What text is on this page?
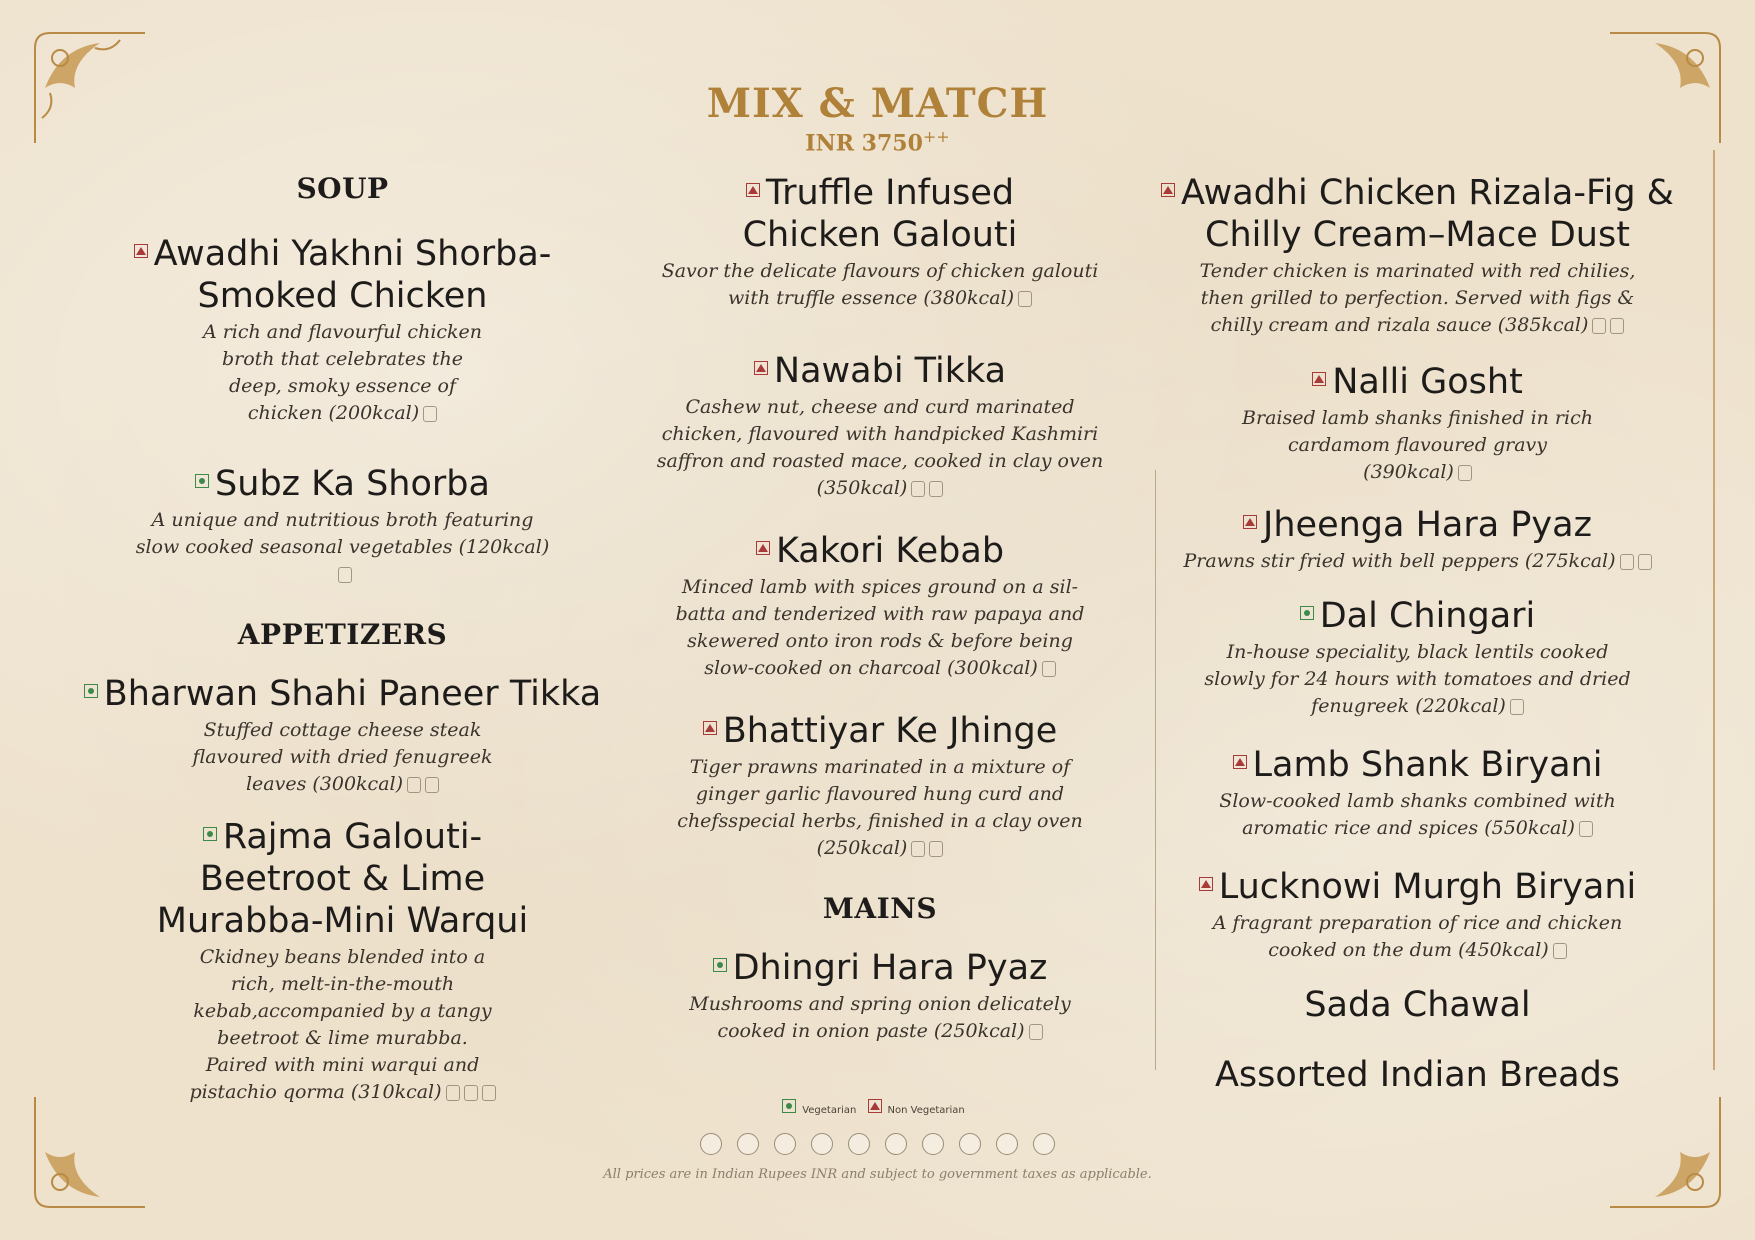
MIX & MATCH
INR 3750++
SOUP
Awadhi Yakhni Shorba-Smoked Chicken
A rich and flavourful chicken broth that celebrates the deep, smoky essence of chicken (200kcal)
Subz Ka Shorba
A unique and nutritious broth featuring slow cooked seasonal vegetables (120kcal)
APPETIZERS
Bharwan Shahi Paneer Tikka
Stuffed cottage cheese steak flavoured with dried fenugreek leaves (300kcal)
Rajma Galouti-Beetroot & Lime Murabba-Mini Warqui
Ckidney beans blended into a rich, melt-in-the-mouth kebab,accompanied by a tangy beetroot & lime murabba. Paired with mini warqui and pistachio qorma (310kcal)
Truffle Infused Chicken Galouti
Savor the delicate flavours of chicken galouti with truffle essence (380kcal)
Nawabi Tikka
Cashew nut, cheese and curd marinated chicken, flavoured with handpicked Kashmiri saffron and roasted mace, cooked in clay oven (350kcal)
Kakori Kebab
Minced lamb with spices ground on a sil-batta and tenderized with raw papaya and skewered onto iron rods & before being slow-cooked on charcoal (300kcal)
Bhattiyar Ke Jhinge
Tiger prawns marinated in a mixture of ginger garlic flavoured hung curd and chefsspecial herbs, finished in a clay oven (250kcal)
MAINS
Dhingri Hara Pyaz
Mushrooms and spring onion delicately cooked in onion paste (250kcal)
Awadhi Chicken Rizala-Fig & Chilly Cream–Mace Dust
Tender chicken is marinated with red chilies, then grilled to perfection. Served with figs & chilly cream and rizala sauce (385kcal)
Nalli Gosht
Braised lamb shanks finished in rich cardamom flavoured gravy (390kcal)
Jheenga Hara Pyaz
Prawns stir fried with bell peppers (275kcal)
Dal Chingari
In-house speciality, black lentils cooked slowly for 24 hours with tomatoes and dried fenugreek (220kcal)
Lamb Shank Biryani
Slow-cooked lamb shanks combined with aromatic rice and spices (550kcal)
Lucknowi Murgh Biryani
A fragrant preparation of rice and chicken cooked on the dum (450kcal)
Sada Chawal
Assorted Indian Breads
Vegetarian	Non Vegetarian

All prices are in Indian Rupees INR and subject to government taxes as applicable.
